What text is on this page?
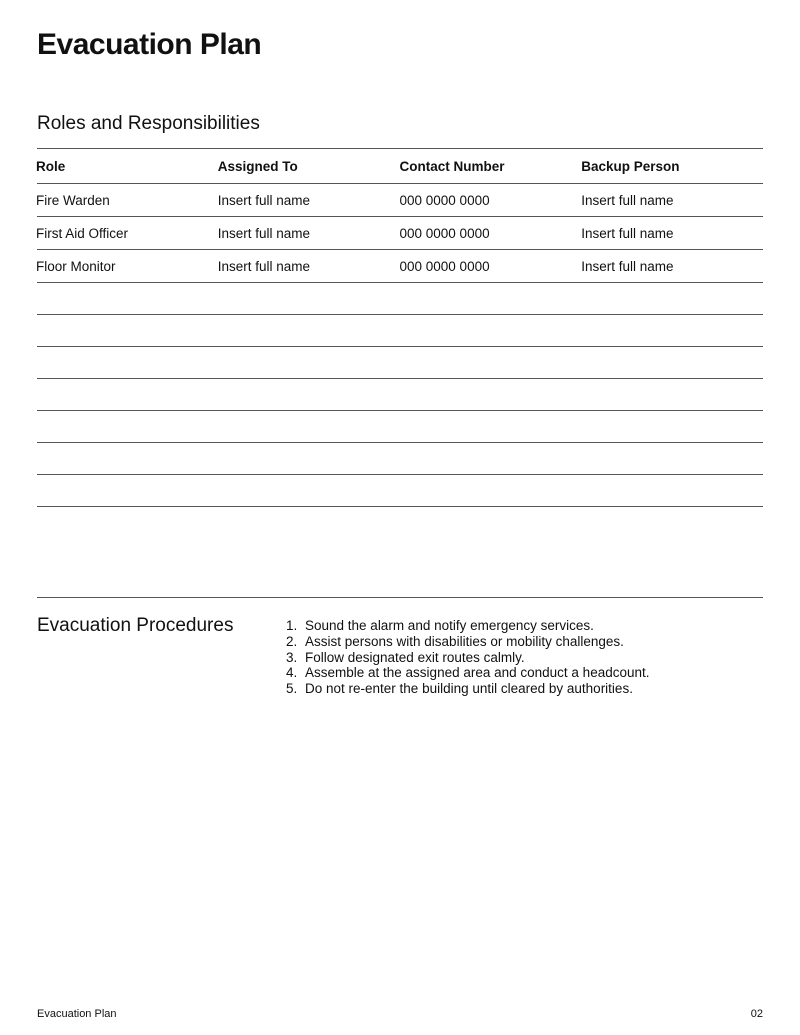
Evacuation Plan
Roles and Responsibilities
Role	Assigned To	Contact Number	Backup Person
Fire Warden	Insert full name	000 0000 0000	Insert full name
First Aid Officer	Insert full name	000 0000 0000	Insert full name
Floor Monitor	Insert full name	000 0000 0000	Insert full name
Evacuation Procedures	1. Sound the alarm and notify emergency services.
2. Assist persons with disabilities or mobility challenges.
3. Follow designated exit routes calmly.
4. Assemble at the assigned area and conduct a headcount.
5. Do not re-enter the building until cleared by authorities.
Evacuation Plan	02
